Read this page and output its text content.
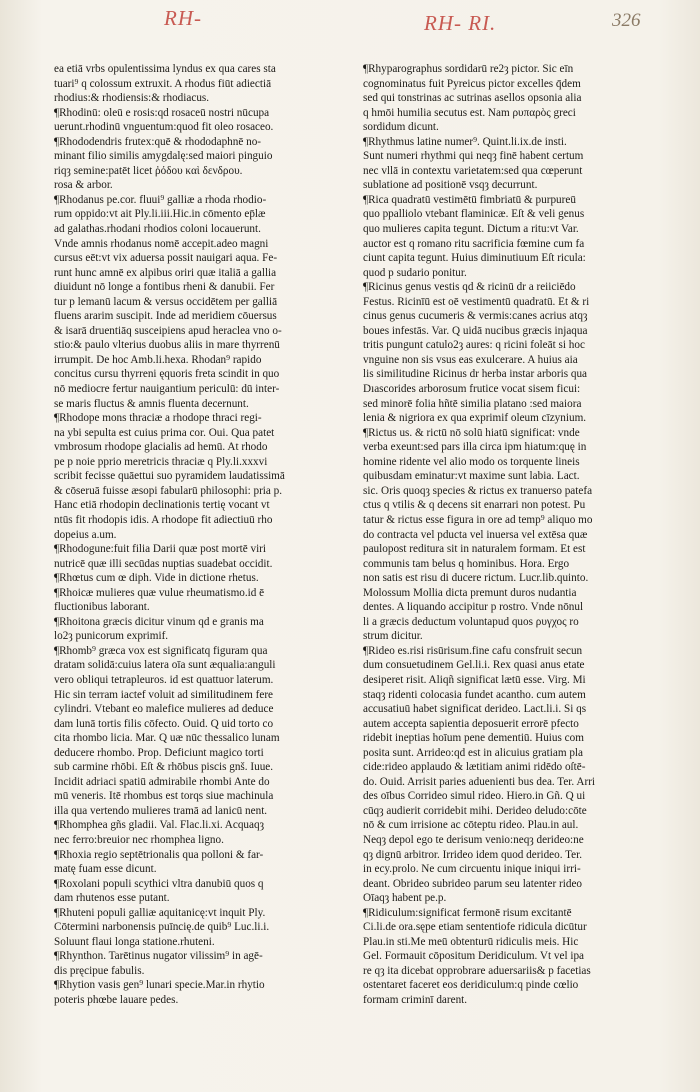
RH-	RH- RI.	326
ea etiā vrbs opulentissima lyndus ex qua cares sta
tuari⁹ q colossum extruxit. A rhodus fiūt adiectiā
rhodius:& rhodiensis:& rhodiacus.
¶Rhodinū: oleū e rosis:qd rosaceū nostri nūcupa
uerunt.rhodinū vnguentum:quod fit oleo rosaceo.
¶Rhododendris frutex:quē & rhododaphnē no-
minant filio similis amygdalę:sed maiori pinguio
riqȝ semine:patēt licet ῥόδου καὶ δενδρου.
rosa & arbor.
¶Rhodanus pe.cor. fluui⁹ galliæ a rhoda rhodio-
rum oppido:vt ait Ply.li.iii.Hic.in cōmento ep̄læ
ad galathas.rhodani rhodios coloni locauerunt.
Vnde amnis rhodanus nomē accepit.adeo magni
cursus eēt:vt vix aduersa possit nauigari aqua. Fe-
runt hunc amnē ex alpibus oriri quæ italiā a gallia
diuidunt nō longe a fontibus rheni & danubii. Fer
tur p lemanū lacum & versus occidētem per galliā
fluens ararim suscipit. Inde ad meridiem cōuersus
& isarā druentiāq susceipiens apud heraclea vno o-
stio:& paulo vlterius duobus aliis in mare thyrrenū
irrumpit. De hoc Amb.li.hexa. Rhodan⁹ rapido
concitus cursu thyrreni ęquoris freta scindit in quo
nō mediocre fertur nauigantium periculū: dū inter-
se maris fluctus & amnis fluenta decernunt.
¶Rhodope mons thraciæ a rhodope thraci regi-
na ybi sepulta est cuius prima cor. Oui. Qua patet
vmbrosum rhodope glacialis ad hemū. At rhodo
pe p noie pprio meretricis thraciæ q Ply.li.xxxvi
scribit fecisse quāettui suo pyramidem laudatissimā
& cōseruā fuisse æsopi fabularū philosophi: pria p.
Hanc etiā rhodopin declinationis tertię vocant vt
ntūs fit rhodopis idis. A rhodope fit adiectiuū rho
dopeius a.um.
¶Rhodogune:fuit filia Darii quæ post mortē viri
nutricē quæ illi secūdas nuptias suadebat occidit.
¶Rhœtus cum œ diph. Vide in dictione rhetus.
¶Rhoicæ mulieres quæ vulue rheumatismo.id ē
fluctionibus laborant.
¶Rhoitona græcis dicitur vinum qd e granis ma
lo2ȝ punicorum exprimif.
¶Rhomb⁹ græca vox est significatq figuram qua
dratam solidā:cuius latera oīa sunt æqualia:anguli
vero obliqui tetrapleuros. id est quattuor laterum.
Hic sin terram iactef voluit ad similitudinem fere
cylindri. Vtebant eo malefice mulieres ad deduce
dam lunā tortis filis cōfecto. Ouid. Q uid torto co
cita rhombo licia. Mar. Q uæ nūc thessalico lunam
deducere rhombo. Prop. Deficiunt magico torti
sub carmine rhōbi. Eſt & rhōbus piscis gnš. Iuue.
Incidit adriaci spatiū admirabile rhombi Ante do
mū veneris. Itē rhombus est torqs siue machinula
illa qua vertendo mulieres tramā ad lanicū nent.
¶Rhomphea gñs gladii. Val. Flac.li.xi. Acquaqȝ
nec ferro:breuior nec rhomphea ligno.
¶Rhoxia regio septētrionalis qua polloni & far-
matę fuam esse dicunt.
¶Roxolani populi scythici vltra danubiū quos q
dam rhutenos esse putant.
¶Rhuteni populi galliæ aquitanicę:vt inquit Ply.
Cōtermini narbonensis puīncię.de quib⁹ Luc.li.i.
Soluunt flaui longa statione.rhuteni.
¶Rhynthon. Tarētinus nugator vilissim⁹ in agē-
dis pręcipue fabulis.
¶Rhytion vasis gen⁹ lunari specie.Mar.in rhytio
poteris phœbe lauare pedes.
¶Rhyparographus sordidarū re2ȝ pictor. Sic eīn
cognominatus fuit Pyreicus pictor excelles q̄dem
sed qui tonstrinas ac sutrinas asellos opsonia alia
q hmōi humilia secutus est. Nam ρυπαρὸς greci
sordidum dicunt.
¶Rhythmus latine numer⁹. Quint.li.ix.de insti.
Sunt numeri rhythmi qui neqȝ finē habent certum
nec vllā in contextu varietatem:sed qua cœperunt
sublatione ad positionē vsqȝ decurrunt.
¶Rica quadratū vestimētū fimbriatū & purpureū
quo ppalliolo vtebant flaminicæ. Eſt & veli genus
quo mulieres capita tegunt. Dictum a ritu:vt Var.
auctor est q romano ritu sacrificia fœmine cum fa
ciunt capita tegunt. Huius diminutiuum Eſt ricula:
quod p sudario ponitur.
¶Ricinus genus vestis qd & ricinū dr a reiiciēdo
Festus. Ricinīū est oē vestimentū quadratū. Et & ri
cinus genus cucumeris & vermis:canes acrius atqȝ
boues infestās. Var. Q uidā nucibus græcis injaqua
tritis pungunt catulo2ȝ aures: q ricini foleāt si hoc
vnguine non sis vsus eas exulcerare. A huius aia
lis similitudine Ricinus dr herba instar arboris qua
Dıascorides arborosum frutice vocat sisem ficui:
sed minorē folia hñtē similia platano :sed maiora
lenia & nigriora ex qua exprimif oleum cīzynium.
¶Rictus us. & rictū nō solū hiatū significat: vnde
verba exeunt:sed pars illa circa ipm hiatum:quę in
homine ridente vel alio modo os torquente lineis
quibusdam eminatur:vt maxime sunt labia. Lact.
sic. Oris quoqȝ species & rictus ex tranuerso patefa
ctus q vtilis & q decens sit enarrari non potest. Pu
tatur & rictus esse figura in ore ad temp⁹ aliquo mo
do contracta vel pducta vel inuersa vel extēsa quæ
paulopost reditura sit in naturalem formam. Et est
communis tam belus q hominibus. Hora. Ergo
non satis est risu di ducere rictum. Lucr.lib.quinto.
Molossum Mollia dicta premunt duros nudantia
dentes. A liquando accipitur p rostro. Vnde nōnul
li a græcis deductum voluntapud quos ρυγχος ro
strum dicitur.
¶Rideo es.risi risūrisum.fine cafu consfruit secun
dum consuetudinem Gel.li.i. Rex quasi anus etate
desiperet risit. Aliqñ significat lætū esse. Virg. Mi
staqȝ ridenti colocasia fundet acantho. cum autem
accusatiuū habet significat derideo. Lact.li.i. Si qs
autem accepta sapientia deposuerit errorē pfecto
ridebit ineptias hoīum pene dementiū. Huius com
posita sunt. Arrideo:qd est in alicuius gratiam pla
cide:rideo applaudo & lætitiam animi ridēdo oſtē-
do. Ouid. Arrisit paries aduenienti bus dea. Ter. Arri
des oībus Corrideo simul rideo. Hiero.in Gñ. Q ui
cūqȝ audierit corridebit mihi. Derideo deludo:cōte
nō & cum irrisione ac cōteptu rideo. Plau.in aul.
Neqȝ depol ego te derisum venio:neqȝ derideo:ne
qȝ dignū arbitror. Irrideo idem quod derideo. Ter.
in ecy.prolo. Ne cum circuentu inique iniqui irri-
deant. Obrideo subrideo parum seu latenter rideo
Oīaqȝ habent pe.p.
¶Ridiculum:significat fermonē risum excitantē
Ci.li.de ora.sępe etiam sententiofe ridicula dicūtur
Plau.in sti.Me meū obtenturū ridiculis meis. Hic
Gel. Formauit cōpositum Deridiculum. Vt vel ipa
re qȝ ita dicebat opprobrare aduersariis& p facetias
ostentaret faceret eos deridiculum:q pinde cœlio
formam criminī darent.
